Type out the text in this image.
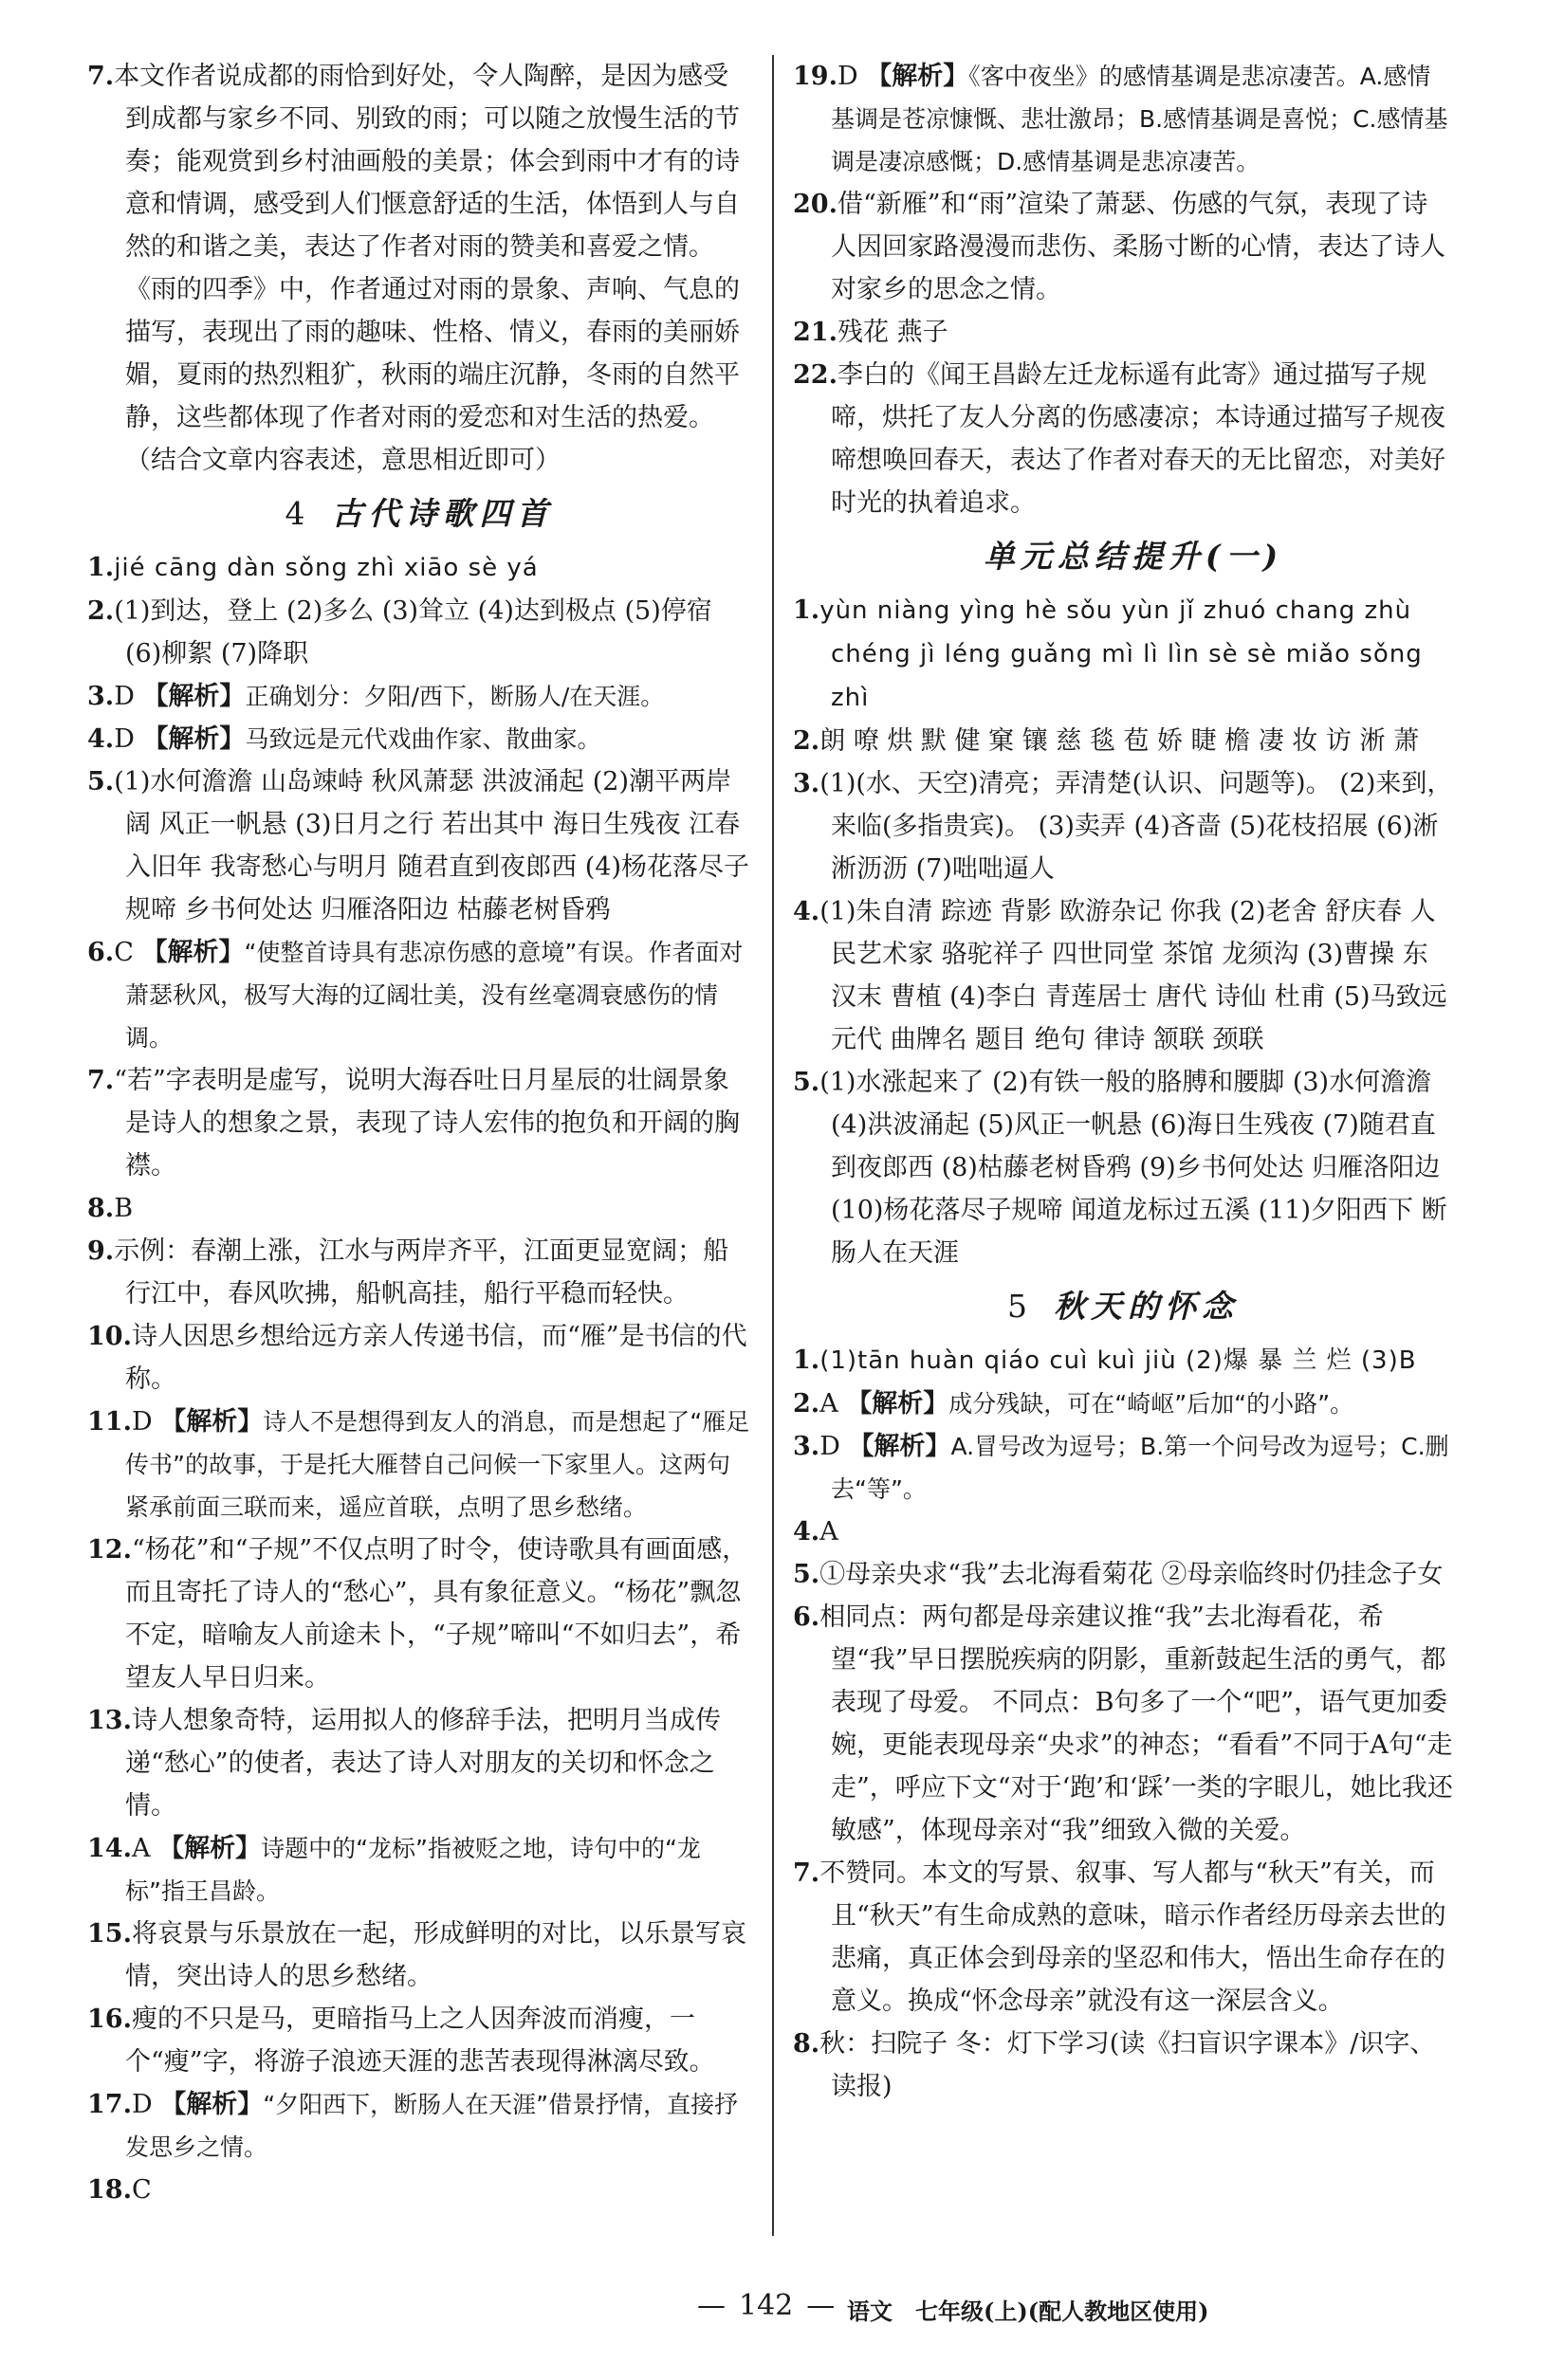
7.本文作者说成都的雨恰到好处，令人陶醉，是因为感受到成都与家乡不同、别致的雨；可以随之放慢生活的节奏；能观赏到乡村油画般的美景；体会到雨中才有的诗意和情调，感受到人们惬意舒适的生活，体悟到人与自然的和谐之美，表达了作者对雨的赞美和喜爱之情。《雨的四季》中，作者通过对雨的景象、声响、气息的描写，表现出了雨的趣味、性格、情义，春雨的美丽娇媚，夏雨的热烈粗犷，秋雨的端庄沉静，冬雨的自然平静，这些都体现了作者对雨的爱恋和对生活的热爱。（结合文章内容表述，意思相近即可）

4 古代诗歌四首

1.jié cāng dàn sǒng zhì xiāo sè yá

2.(1)到达，登上 (2)多么 (3)耸立 (4)达到极点 (5)停宿 (6)柳絮 (7)降职

3.D 【解析】正确划分：夕阳/西下，断肠人/在天涯。

4.D 【解析】马致远是元代戏曲作家、散曲家。

5.(1)水何澹澹 山岛竦峙 秋风萧瑟 洪波涌起 (2)潮平两岸阔 风正一帆悬 (3)日月之行 若出其中 海日生残夜 江春入旧年 我寄愁心与明月 随君直到夜郎西 (4)杨花落尽子规啼 乡书何处达 归雁洛阳边 枯藤老树昏鸦

6.C 【解析】“使整首诗具有悲凉伤感的意境”有误。作者面对萧瑟秋风，极写大海的辽阔壮美，没有丝毫凋衰感伤的情调。

7.“若”字表明是虚写，说明大海吞吐日月星辰的壮阔景象是诗人的想象之景，表现了诗人宏伟的抱负和开阔的胸襟。

8.B

9.示例：春潮上涨，江水与两岸齐平，江面更显宽阔；船行江中，春风吹拂，船帆高挂，船行平稳而轻快。

10.诗人因思乡想给远方亲人传递书信，而“雁”是书信的代称。

11.D 【解析】诗人不是想得到友人的消息，而是想起了“雁足传书”的故事，于是托大雁替自己问候一下家里人。这两句紧承前面三联而来，遥应首联，点明了思乡愁绪。

12.“杨花”和“子规”不仅点明了时令，使诗歌具有画面感，而且寄托了诗人的“愁心”，具有象征意义。“杨花”飘忽不定，暗喻友人前途未卜，“子规”啼叫“不如归去”，希望友人早日归来。

13.诗人想象奇特，运用拟人的修辞手法，把明月当成传递“愁心”的使者，表达了诗人对朋友的关切和怀念之情。

14.A 【解析】诗题中的“龙标”指被贬之地，诗句中的“龙标”指王昌龄。

15.将哀景与乐景放在一起，形成鲜明的对比，以乐景写哀情，突出诗人的思乡愁绪。

16.瘦的不只是马，更暗指马上之人因奔波而消瘦，一个“瘦”字，将游子浪迹天涯的悲苦表现得淋漓尽致。

17.D 【解析】“夕阳西下，断肠人在天涯”借景抒情，直接抒发思乡之情。

18.C

19.D 【解析】《客中夜坐》的感情基调是悲凉凄苦。A.感情基调是苍凉慷慨、悲壮激昂；B.感情基调是喜悦；C.感情基调是凄凉感慨；D.感情基调是悲凉凄苦。

20.借“新雁”和“雨”渲染了萧瑟、伤感的气氛，表现了诗人因回家路漫漫而悲伤、柔肠寸断的心情，表达了诗人对家乡的思念之情。

21.残花 燕子

22.李白的《闻王昌龄左迁龙标遥有此寄》通过描写子规啼，烘托了友人分离的伤感凄凉；本诗通过描写子规夜啼想唤回春天，表达了作者对春天的无比留恋，对美好时光的执着追求。

单元总结提升(一)

1.yùn niàng yìng hè sǒu yùn jǐ zhuó chang zhù chéng jì léng guǎng mì lì lìn sè sè miǎo sǒng zhì

2.朗 嘹 烘 默 健 窠 镶 慈 毯 苞 娇 睫 檐 凄 妆 访 淅 萧

3.(1)(水、天空)清亮；弄清楚(认识、问题等)。 (2)来到，来临(多指贵宾)。 (3)卖弄 (4)吝啬 (5)花枝招展 (6)淅淅沥沥 (7)咄咄逼人

4.(1)朱自清 踪迹 背影 欧游杂记 你我 (2)老舍 舒庆春 人民艺术家 骆驼祥子 四世同堂 茶馆 龙须沟 (3)曹操 东汉末 曹植 (4)李白 青莲居士 唐代 诗仙 杜甫 (5)马致远 元代 曲牌名 题目 绝句 律诗 颔联 颈联

5.(1)水涨起来了 (2)有铁一般的胳膊和腰脚 (3)水何澹澹 (4)洪波涌起 (5)风正一帆悬 (6)海日生残夜 (7)随君直到夜郎西 (8)枯藤老树昏鸦 (9)乡书何处达 归雁洛阳边 (10)杨花落尽子规啼 闻道龙标过五溪 (11)夕阳西下 断肠人在天涯

5 秋天的怀念

1.(1)tān huàn qiáo cuì kuì jiù (2)爆 暴 兰 烂 (3)B

2.A 【解析】成分残缺，可在“崎岖”后加“的小路”。

3.D 【解析】A.冒号改为逗号；B.第一个问号改为逗号；C.删去“等”。

4.A

5.①母亲央求“我”去北海看菊花 ②母亲临终时仍挂念子女

6.相同点：两句都是母亲建议推“我”去北海看花，希望“我”早日摆脱疾病的阴影，重新鼓起生活的勇气，都表现了母爱。 不同点：B句多了一个“吧”，语气更加委婉，更能表现母亲“央求”的神态；“看看”不同于A句“走走”，呼应下文“对于‘跑’和‘踩’一类的字眼儿，她比我还敏感”，体现母亲对“我”细致入微的关爱。

7.不赞同。本文的写景、叙事、写人都与“秋天”有关，而且“秋天”有生命成熟的意味，暗示作者经历母亲去世的悲痛，真正体会到母亲的坚忍和伟大，悟出生命存在的意义。换成“怀念母亲”就没有这一深层含义。

8.秋：扫院子 冬：灯下学习(读《扫盲识字课本》/识字、读报)

— 142 —	语文　七年级(上)(配人教地区使用)
